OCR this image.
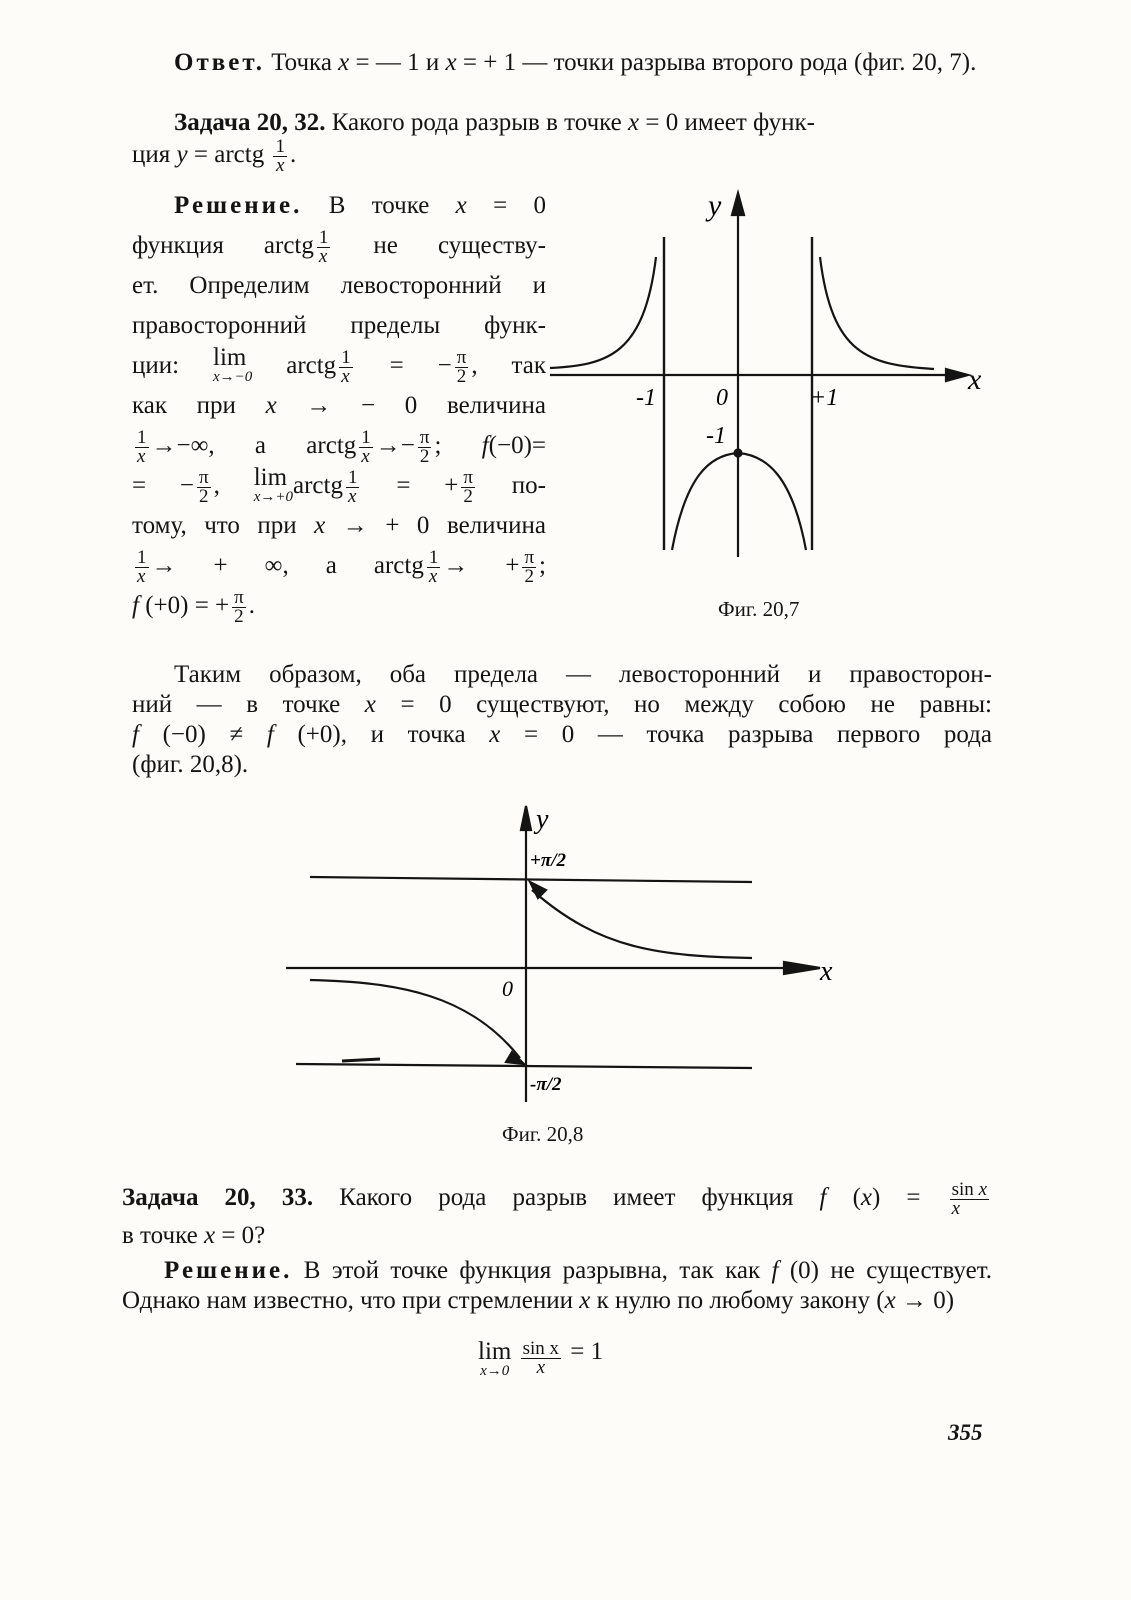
Ответ. Точка x = — 1 и x = + 1 — точки разрыва второго рода (фиг. 20, 7).
Задача 20, 32. Какого рода разрыв в точке x = 0 имеет функ-
ция y = arctg $\frac{1}{x}$ .
Решение. В точке x = 0
функция arctg $\frac{1}{x}$ не существу-
ет. Определим левосторонний и
правосторонний пределы функ-
ции: lim
x→−0 arctg $\frac{1}{x}$ = − $\frac{\pi}{2}$ , так
как при x → − 0 величина

$\frac{1}{x}$ →−∞, а arctg $\frac{1}{x} \to- \frac{\pi}{2}$ ; f(−0)=
= − $\frac{\pi}{2}$ , lim
x→+0 arctg $\frac{1}{x}$ = + $\frac{\pi}{2} по-$
тому, что при x → + 0 величина

$\frac{1}{x}$ → + ∞, а arctg $\frac{1}{x}$ → + $\frac{\pi}{2}$ ;
f (+0) = + $\frac{\pi}{2}$ .
y
x
-1	0	+1
-1
Фиг. 20,7
Таким образом, оба предела — левосторонний и правосторон-
ний — в точке x = 0 существуют, но между собою не равны:
f (−0) ≠ f (+0), и точка x = 0 — точка разрыва первого рода
(фиг. 20,8).
y
x
0
+π/2
-π/2
Фиг. 20,8
Задача 20, 33. Какого рода разрыв имеет функция f $(x) = \frac{\text{sin x}}{x}$

в точке x = 0?
Решение. В этой точке функция разрывна, так как f (0) не существует. Однако нам известно, что при стремлении x к нулю по любому закону (x → 0)
lim
x→0
$\frac{\text{sin x}}{x} = 1$
355
